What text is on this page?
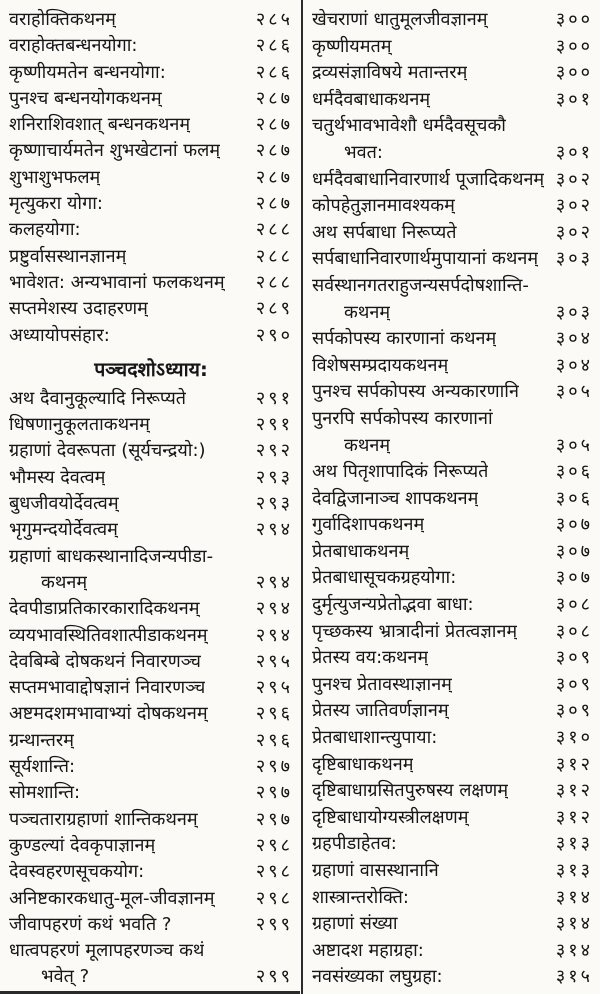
वराहोक्तिकथनम्	२८५
वराहोक्तबन्धनयोगा:	२८६
कृष्णीयमतेन बन्धनयोगा:	२८६
पुनश्च बन्धनयोगकथनम्	२८७
शनिराशिवशात् बन्धनकथनम्	२८७
कृष्णाचार्यमतेन शुभखेटानां फलम् २८७
शुभाशुभफलम्	२८७
मृत्युकरा योगा:	२८७
कलहयोगा:	२८८
प्रष्टुर्वासस्थानज्ञानम्	२८८
भावेशत: अन्यभावानां फलकथनम् २८८
सप्तमेशस्य उदाहरणम्	२८९
अध्यायोपसंहार:	२९०
पञ्चदशोऽध्याय:
अथ दैवानुकूल्यादि निरूप्यते	२९१
धिषणानुकूलताकथनम्	२९१
ग्रहाणां देवरूपता (सूर्यचन्द्रयो:)	२९२
भौमस्य देवत्वम्	२९३
बुधजीवयोर्देवत्वम्	२९३
भृगुमन्दयोर्देवत्वम्	२९४
ग्रहाणां बाधकस्थानादिजन्यपीडा-
कथनम्	२९४
देवपीडाप्रतिकारकारादिकथनम्	२९४
व्ययभावस्थितिवशात्पीडाकथनम्	२९४
देवबिम्बे दोषकथनं निवारणञ्च	२९५
सप्तमभावाद्दोषज्ञानं निवारणञ्च	२९५
अष्टमदशमभावाभ्यां दोषकथनम्	२९६
ग्रन्थान्तरम्	२९६
सूर्यशान्ति:	२९७
सोमशान्ति:	२९७
पञ्चताराग्रहाणां शान्तिकथनम्	२९७
कुण्डल्यां देवकृपाज्ञानम्	२९८
देवस्वहरणसूचकयोग:	२९८
अनिष्टकारकधातु-मूल-जीवज्ञानम् २९८
जीवापहरणं कथं भवति ?	२९९
धात्वपहरणं मूलापहरणञ्च कथं
भवेत् ?	२९९
खेचराणां धातुमूलजीवज्ञानम्	३००
कृष्णीयमतम्	३००
द्रव्यसंज्ञाविषये मतान्तरम्	३००
धर्मदैवबाधाकथनम्	३०१
चतुर्थभावभावेशौ धर्मदैवसूचकौ
भवत:	३०१
धर्मदैवबाधानिवारणार्थ पूजादिकथनम् ३०२
कोपहेतुज्ञानमावश्यकम्	३०२
अथ सर्पबाधा निरूप्यते	३०२
सर्पबाधानिवारणार्थमुपायानां कथनम् ३०३
सर्वस्थानगतराहुजन्यसर्पदोषशान्ति-
कथनम्	३०३
सर्पकोपस्य कारणानां कथनम्	३०४
विशेषसम्प्रदायकथनम्	३०४
पुनश्च सर्पकोपस्य अन्यकारणानि ३०५
पुनरपि सर्पकोपस्य कारणानां
कथनम्	३०५
अथ पितृशापादिकं निरूप्यते	३०६
देवद्विजानाञ्च शापकथनम्	३०६
गुर्वादिशापकथनम्	३०७
प्रेतबाधाकथनम्	३०७
प्रेतबाधासूचकग्रहयोगा:	३०७
दुर्मृत्युजन्यप्रेतोद्भवा बाधा:	३०८
पृच्छकस्य भ्रात्रादीनां प्रेतत्वज्ञानम् ३०८
प्रेतस्य वय:कथनम्	३०९
पुनश्च प्रेतावस्थाज्ञानम्	३०९
प्रेतस्य जातिवर्णज्ञानम्	३०९
प्रेतबाधाशान्त्युपाया:	३१०
दृष्टिबाधाकथनम्	३१२
दृष्टिबाधाग्रसितपुरुषस्य लक्षणम्	३१२
दृष्टिबाधायोग्यस्त्रीलक्षणम्	३१२
ग्रहपीडाहेतव:	३१३
ग्रहाणां वासस्थानानि	३१३
शास्त्रान्तरोक्ति:	३१४
ग्रहाणां संख्या	३१४
अष्टादश महाग्रहा:	३१४
नवसंख्यका लघुग्रहा:	३१५
